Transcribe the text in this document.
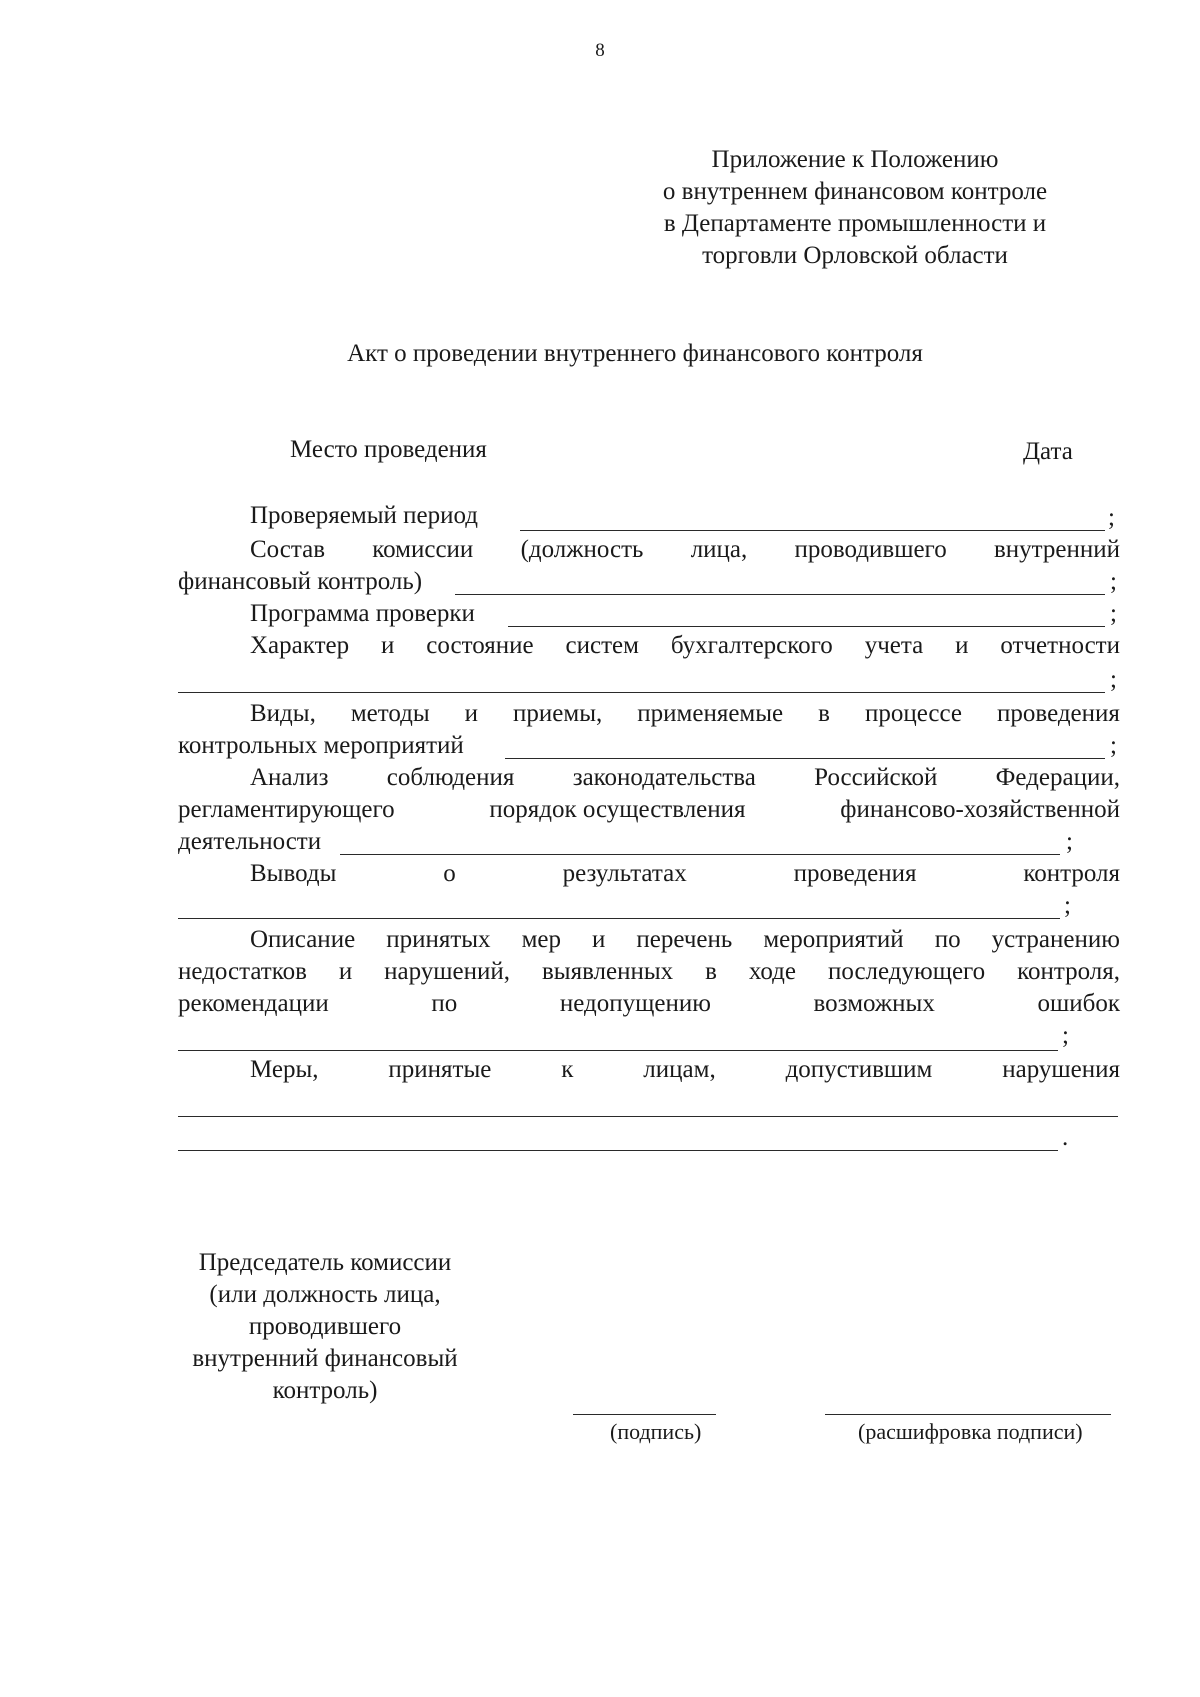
8
Приложение к Положению
о внутреннем финансовом контроле
в Департаменте промышленности и
торговли Орловской области
Акт о проведении внутреннего финансового контроля
Место проведения	Дата
Проверяемый период	;
Состав комиссии (должность лица, проводившего внутренний
финансовый контроль)	;
Программа проверки	;
Характер и состояние систем бухгалтерского учета и отчетности
;
Виды, методы и приемы, применяемые в процессе проведения
контрольных мероприятий	;
Анализ соблюдения законодательства Российской Федерации,
регламентирующего	порядок осуществления	финансово-хозяйственной
деятельности	;
Выводы	о	результатах	проведения	контроля
;
Описание принятых мер и перечень мероприятий по устранению
недостатков и нарушений, выявленных в ходе последующего контроля,
рекомендации	по	недопущению	возможных	ошибок
;
Меры,	принятые	к	лицам,	допустившим	нарушения
.
Председатель комиссии
(или должность лица,
проводившего
внутренний финансовый
контроль)
(подпись)	(расшифровка подписи)
